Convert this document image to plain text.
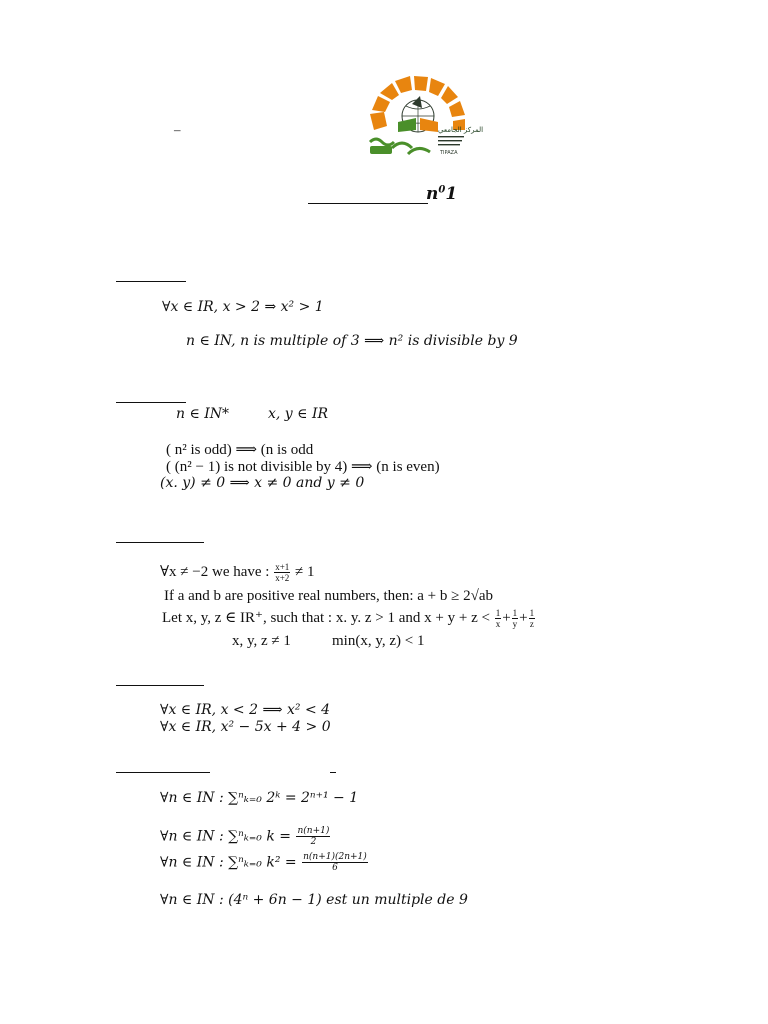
–	المركز الجامعي
TIPAZA
$n^01$
∀x ∈ IR, x > 2 ⇒ x² > 1
n ∈ IN, n is multiple of 3 ⟹ n² is divisible by 9
n ∈ IN*	x, y ∈ IR
( n² is odd) ⟹ (n is odd
( (n² − 1) is not divisible by 4) ⟹ (n is even)
(x. y) ≠ 0 ⟹ x ≠ 0 and y ≠ 0
∀x ≠ −2 we have : $\frac{x+1}{x+2} \ne 1$
If a and b are positive real numbers, then: a + b ≥ 2√ab
Let x, y, z ∈ IR⁺, such that : x. y. z > 1 and $x + y + z < \frac{1}{x} + \frac{1}{y} + \frac{1}{z}$
x, y, z ≠ 1	min(x, y, z) < 1
∀x ∈ IR, x < 2 ⟹ x² < 4
∀x ∈ IR, x² − 5x + 4 > 0
∀n ∈ IN : ∑ⁿₖ₌₀ 2ᵏ = 2ⁿ⁺¹ − 1
∀n ∈ IN : ∑ⁿₖ₌₀ $k = \frac{n(n+1)}{2}$
∀n ∈ IN : ∑ⁿₖ₌₀ $k^2 = \frac{n(n+1)(2n+1)}{6}$
∀n ∈ IN : (4ⁿ + 6n − 1) est un multiple de 9
